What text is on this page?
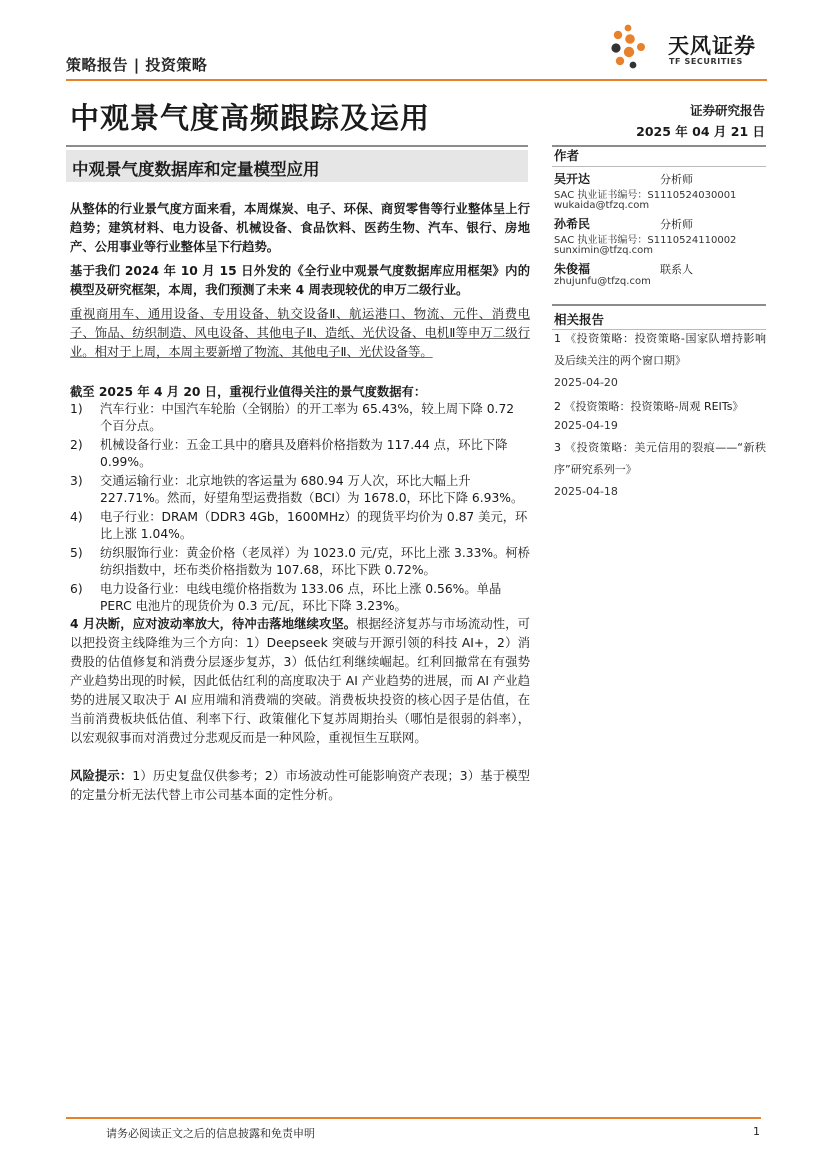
策略报告 | 投资策略
天风证券
TF SECURITIES
中观景气度高频跟踪及运用	证券研究报告
2025 年 04 月 21 日
中观景气度数据库和定量模型应用
从整体的行业景气度方面来看，本周煤炭、电子、环保、商贸零售等行业整体呈上行趋势；建筑材料、电力设备、机械设备、食品饮料、医药生物、汽车、银行、房地产、公用事业等行业整体呈下行趋势。
基于我们 2024 年 10 月 15 日外发的《全行业中观景气度数据库应用框架》内的模型及研究框架，本周，我们预测了未来 4 周表现较优的申万二级行业。
重视商用车、通用设备、专用设备、轨交设备Ⅱ、航运港口、物流、元件、消费电子、饰品、纺织制造、风电设备、其他电子Ⅱ、造纸、光伏设备、电机Ⅱ等申万二级行业。相对于上周，本周主要新增了物流、其他电子Ⅱ、光伏设备等。
截至 2025 年 4 月 20 日，重视行业值得关注的景气度数据有：
1) 汽车行业：中国汽车轮胎（全钢胎）的开工率为 65.43%，较上周下降 0.72 个百分点。
2) 机械设备行业：五金工具中的磨具及磨料价格指数为 117.44 点，环比下降 0.99%。
3) 交通运输行业：北京地铁的客运量为 680.94 万人次，环比大幅上升 227.71%。然而，好望角型运费指数（BCI）为 1678.0，环比下降 6.93%。
4) 电子行业：DRAM（DDR3 4Gb，1600MHz）的现货平均价为 0.87 美元，环比上涨 1.04%。
5) 纺织服饰行业：黄金价格（老凤祥）为 1023.0 元/克，环比上涨 3.33%。柯桥纺织指数中，坯布类价格指数为 107.68，环比下跌 0.72%。
6) 电力设备行业：电线电缆价格指数为 133.06 点，环比上涨 0.56%。单晶 PERC 电池片的现货价为 0.3 元/瓦，环比下降 3.23%。
4 月决断，应对波动率放大，待冲击落地继续攻坚。根据经济复苏与市场流动性，可以把投资主线降维为三个方向：1）Deepseek 突破与开源引领的科技 AI+，2）消费股的估值修复和消费分层逐步复苏，3）低估红利继续崛起。红利回撤常在有强势产业趋势出现的时候，因此低估红利的高度取决于 AI 产业趋势的进展，而 AI 产业趋势的进展又取决于 AI 应用端和消费端的突破。消费板块投资的核心因子是估值，在当前消费板块低估值、利率下行、政策催化下复苏周期抬头（哪怕是很弱的斜率），以宏观叙事而对消费过分悲观反而是一种风险，重视恒生互联网。
风险提示：1）历史复盘仅供参考；2）市场波动性可能影响资产表现；3）基于模型的定量分析无法代替上市公司基本面的定性分析。
作者
吴开达	分析师
SAC 执业证书编号：S1110524030001
wukaida@tfzq.com
孙希民	分析师
SAC 执业证书编号：S1110524110002
sunximin@tfzq.com
朱俊福	联系人
zhujunfu@tfzq.com
相关报告
1 《投资策略：投资策略-国家队增持影响及后续关注的两个窗口期》
2025-04-20
2 《投资策略：投资策略-周观 REITs》
2025-04-19
3 《投资策略：美元信用的裂痕——“新秩序”研究系列一》
2025-04-18
请务必阅读正文之后的信息披露和免责申明	1
